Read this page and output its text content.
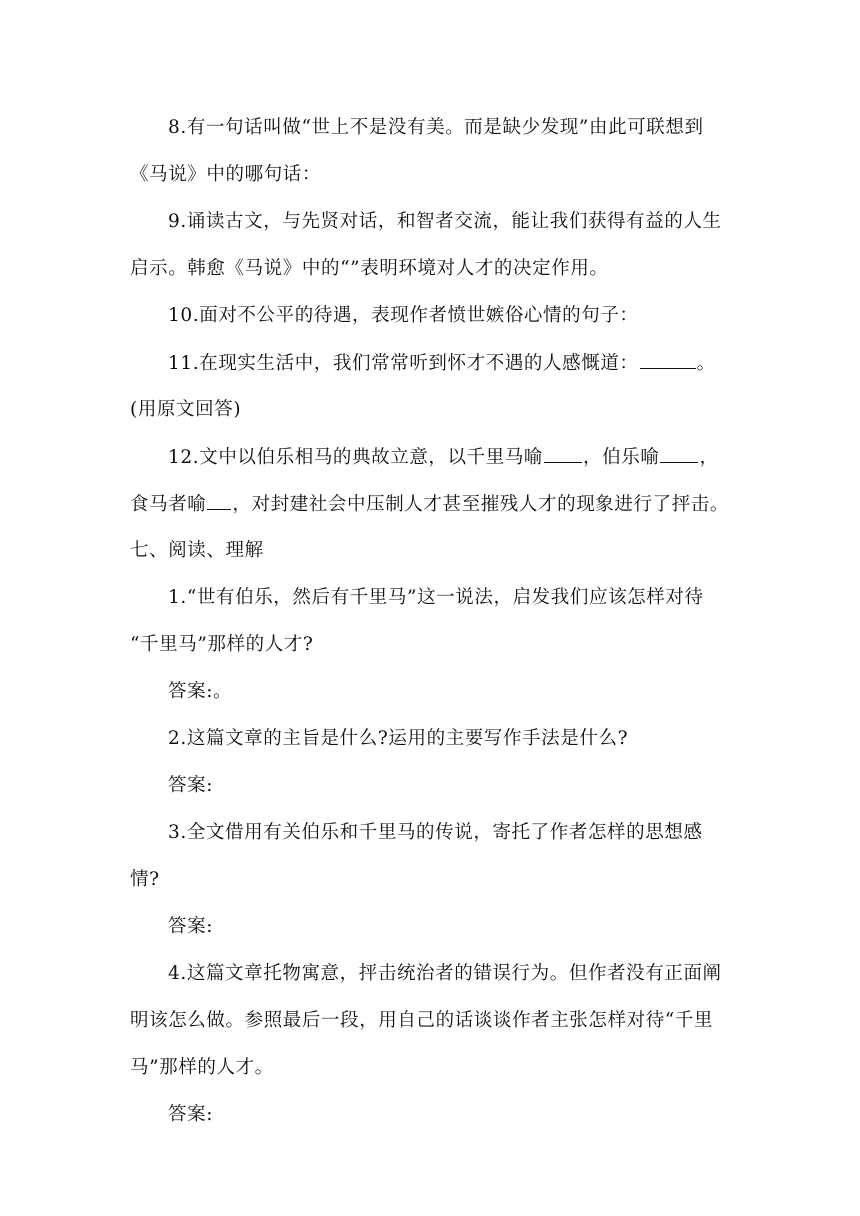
8.有一句话叫做“世上不是没有美。而是缺少发现”由此可联想到
《马说》中的哪句话：
9.诵读古文，与先贤对话，和智者交流，能让我们获得有益的人生
启示。韩愈《马说》中的“”表明环境对人才的决定作用。
10.面对不公平的待遇，表现作者愤世嫉俗心情的句子：
11.在现实生活中，我们常常听到怀才不遇的人感慨道：	。
(用原文回答)
12.文中以伯乐相马的典故立意，以千里马喻 ，伯乐喻 ，
食马者喻 ，对封建社会中压制人才甚至摧残人才的现象进行了抨击。
七、阅读、理解
1.“世有伯乐，然后有千里马”这一说法，启发我们应该怎样对待
“千里马”那样的人才?
答案:。
2.这篇文章的主旨是什么?运用的主要写作手法是什么?
答案:
3.全文借用有关伯乐和千里马的传说，寄托了作者怎样的思想感
情?
答案:
4.这篇文章托物寓意，抨击统治者的错误行为。但作者没有正面阐
明该怎么做。参照最后一段，用自己的话谈谈作者主张怎样对待“千里
马”那样的人才。
答案:
